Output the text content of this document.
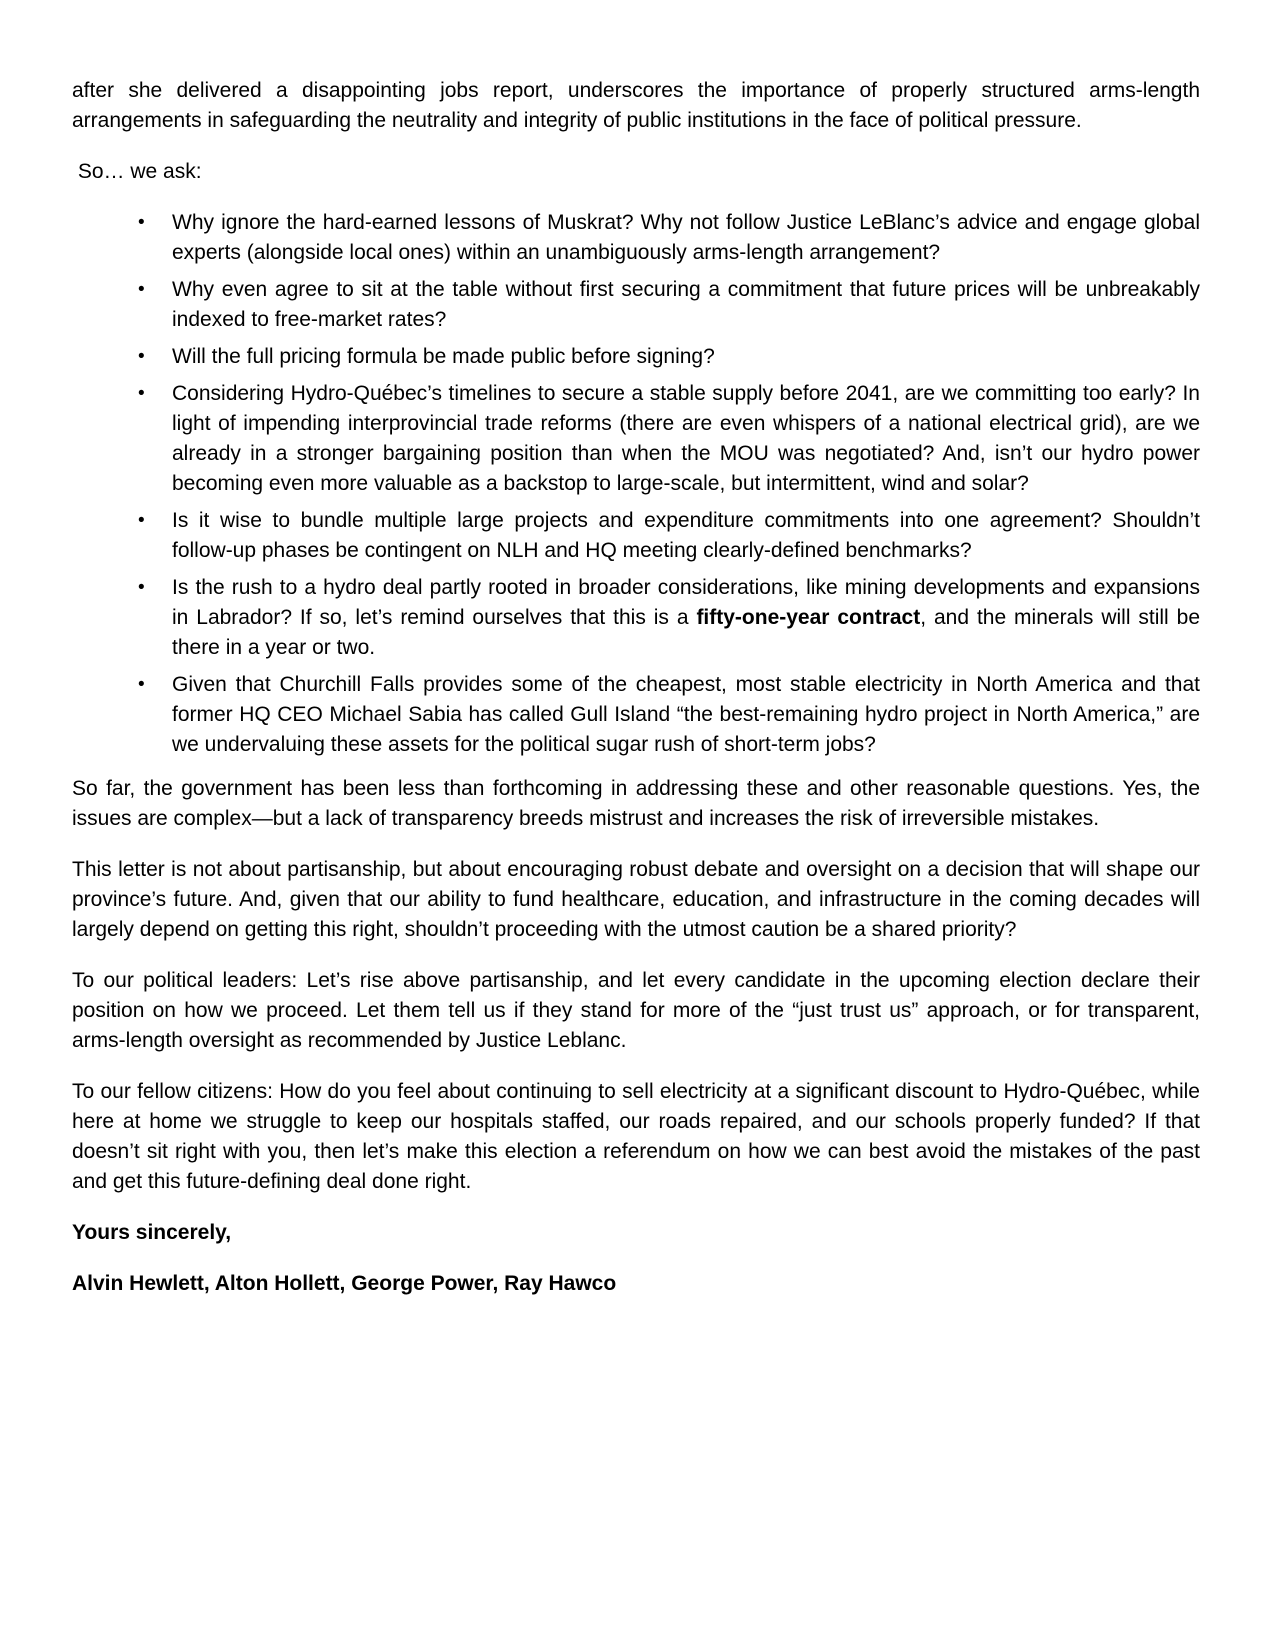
after she delivered a disappointing jobs report, underscores the importance of properly structured arms-length arrangements in safeguarding the neutrality and integrity of public institutions in the face of political pressure.

So… we ask:

• Why ignore the hard-earned lessons of Muskrat? Why not follow Justice LeBlanc’s advice and engage global experts (alongside local ones) within an unambiguously arms-length arrangement?
• Why even agree to sit at the table without first securing a commitment that future prices will be unbreakably indexed to free-market rates?
• Will the full pricing formula be made public before signing?
• Considering Hydro-Québec’s timelines to secure a stable supply before 2041, are we committing too early? In light of impending interprovincial trade reforms (there are even whispers of a national electrical grid), are we already in a stronger bargaining position than when the MOU was negotiated? And, isn’t our hydro power becoming even more valuable as a backstop to large-scale, but intermittent, wind and solar?
• Is it wise to bundle multiple large projects and expenditure commitments into one agreement? Shouldn’t follow-up phases be contingent on NLH and HQ meeting clearly-defined benchmarks?
• Is the rush to a hydro deal partly rooted in broader considerations, like mining developments and expansions in Labrador? If so, let’s remind ourselves that this is a fifty-one-year contract, and the minerals will still be there in a year or two.
• Given that Churchill Falls provides some of the cheapest, most stable electricity in North America and that former HQ CEO Michael Sabia has called Gull Island “the best-remaining hydro project in North America,” are we undervaluing these assets for the political sugar rush of short-term jobs?

So far, the government has been less than forthcoming in addressing these and other reasonable questions. Yes, the issues are complex—but a lack of transparency breeds mistrust and increases the risk of irreversible mistakes.

This letter is not about partisanship, but about encouraging robust debate and oversight on a decision that will shape our province’s future. And, given that our ability to fund healthcare, education, and infrastructure in the coming decades will largely depend on getting this right, shouldn’t proceeding with the utmost caution be a shared priority?

To our political leaders: Let’s rise above partisanship, and let every candidate in the upcoming election declare their position on how we proceed. Let them tell us if they stand for more of the “just trust us” approach, or for transparent, arms-length oversight as recommended by Justice Leblanc.

To our fellow citizens: How do you feel about continuing to sell electricity at a significant discount to Hydro-Québec, while here at home we struggle to keep our hospitals staffed, our roads repaired, and our schools properly funded? If that doesn’t sit right with you, then let’s make this election a referendum on how we can best avoid the mistakes of the past and get this future-defining deal done right.

Yours sincerely,

Alvin Hewlett, Alton Hollett, George Power, Ray Hawco
